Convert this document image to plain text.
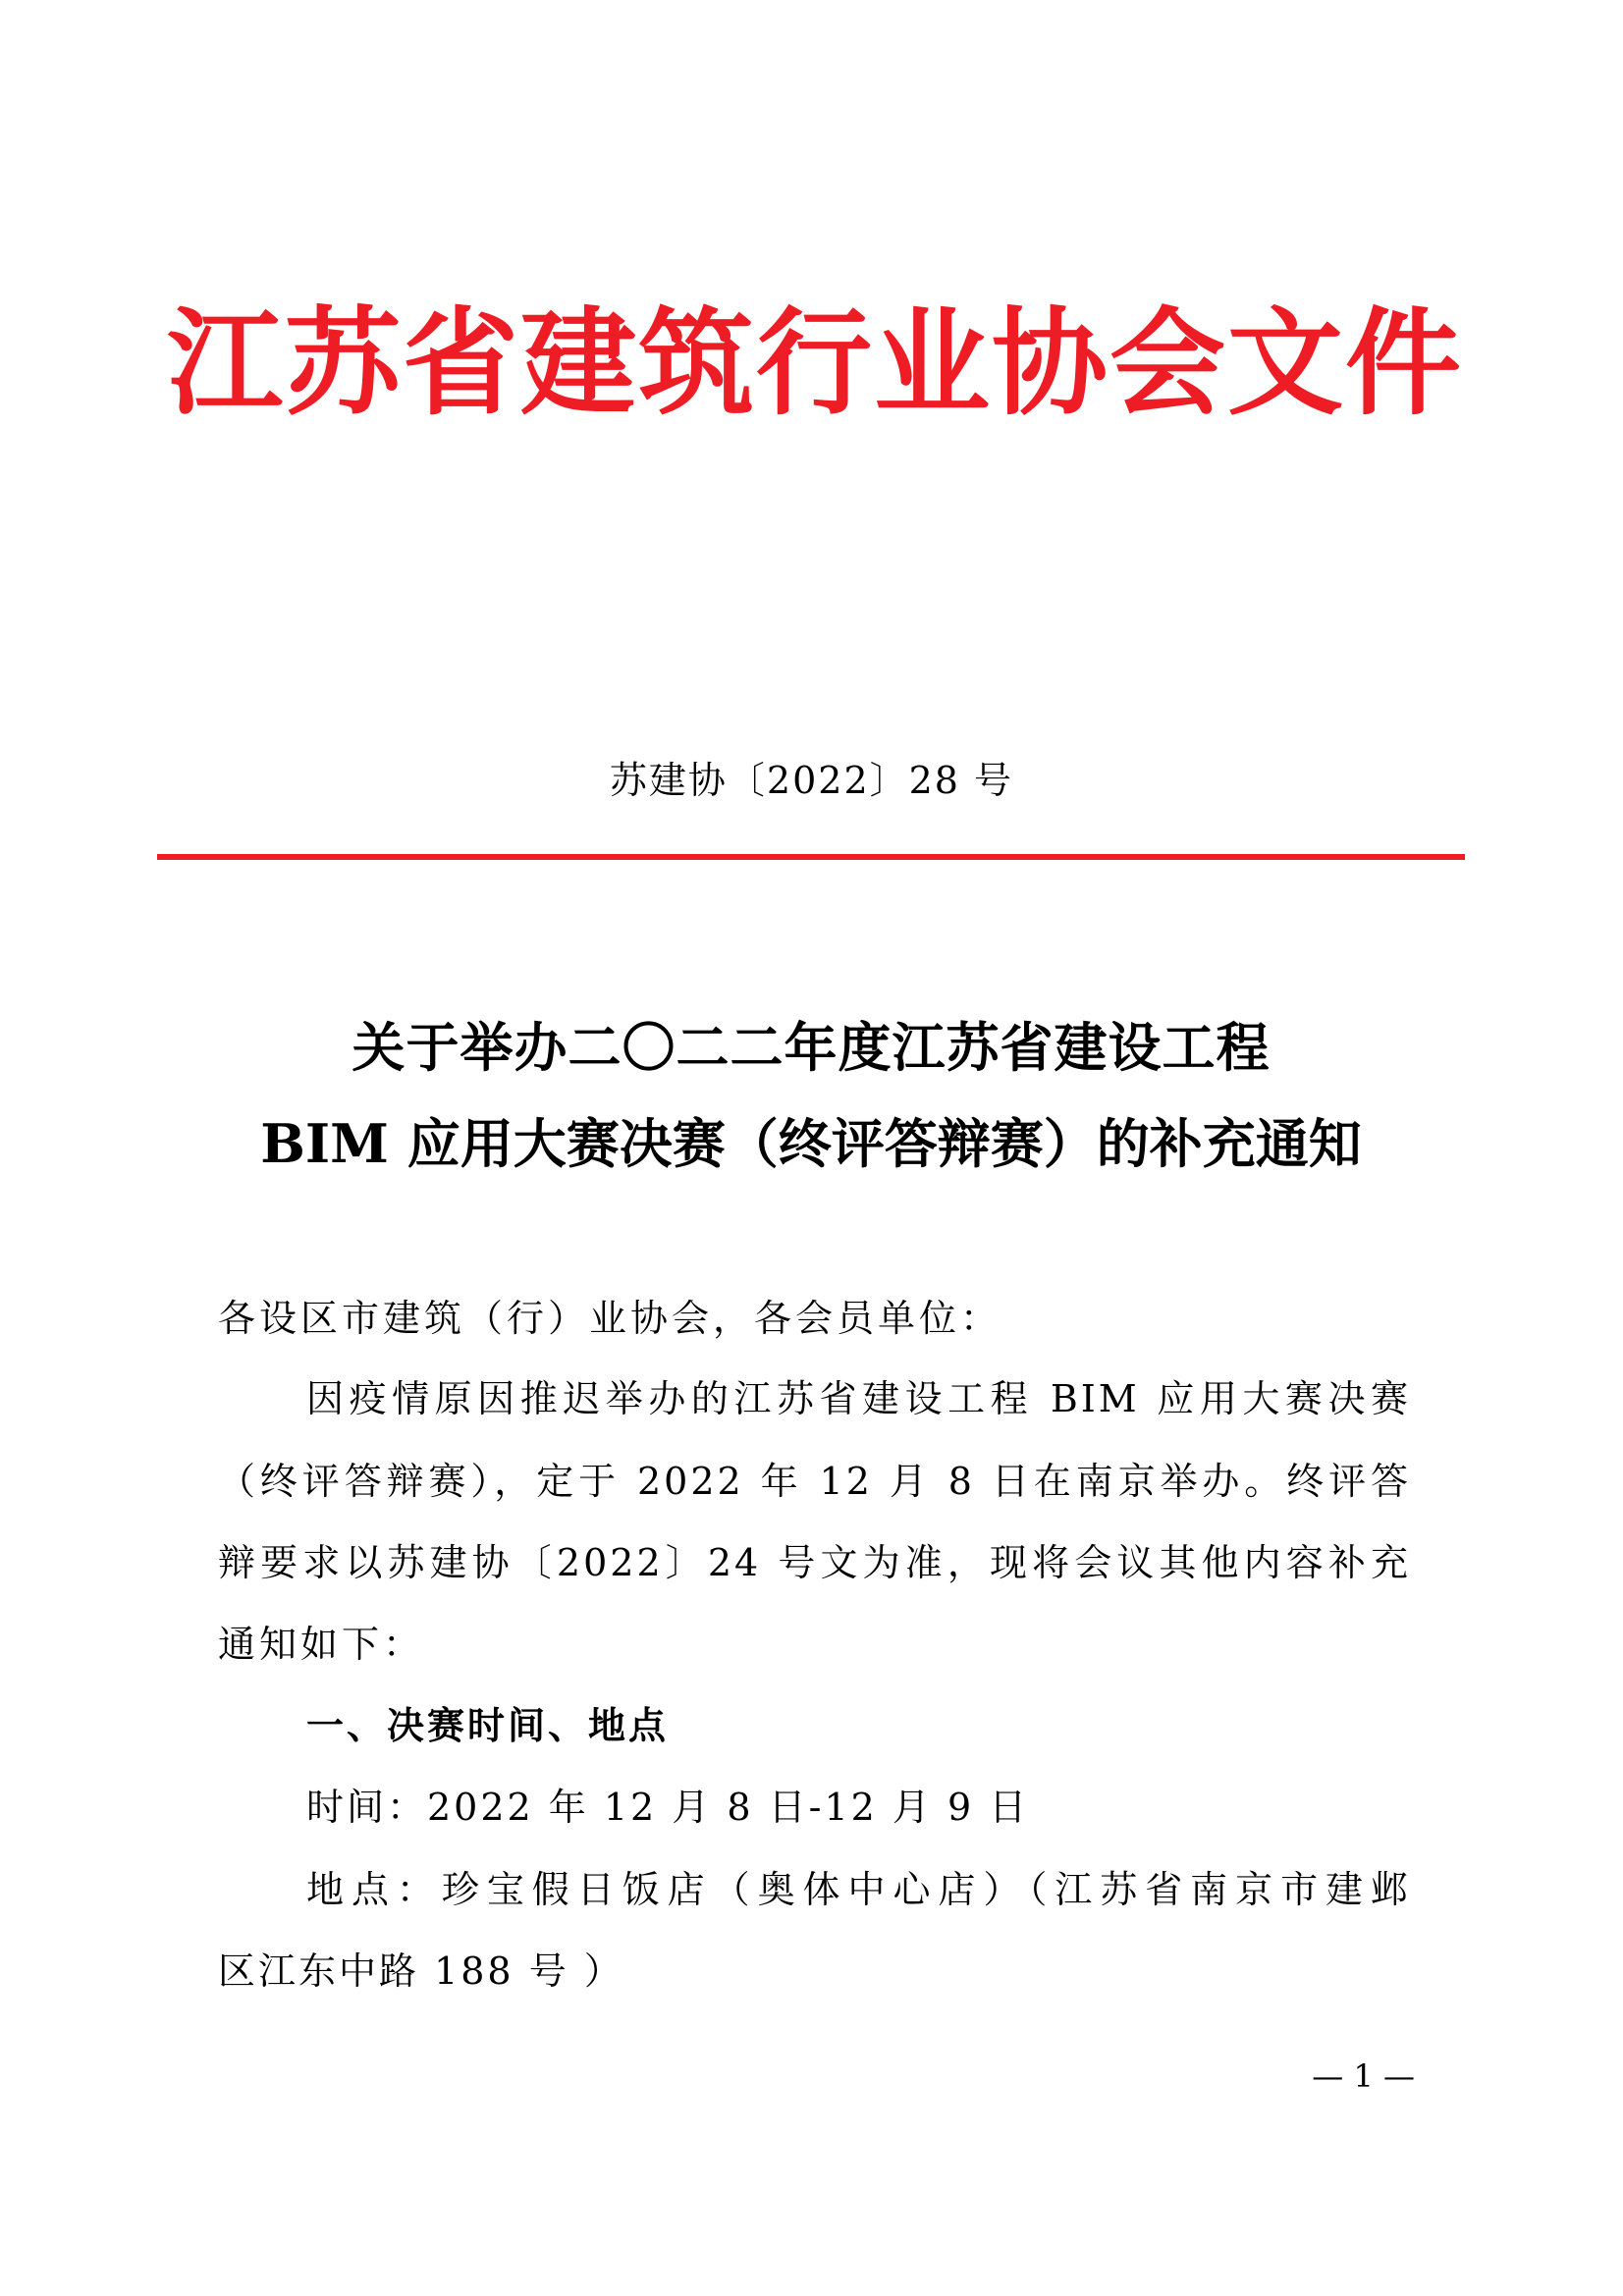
江苏省建筑行业协会文件
苏建协〔2022〕28 号
关于举办二〇二二年度江苏省建设工程
BIM 应用大赛决赛（终评答辩赛）的补充通知
各设区市建筑（行）业协会，各会员单位：
因疫情原因推迟举办的江苏省建设工程 BIM 应用大赛决赛
（终评答辩赛），定于 2022 年 12 月 8 日在南京举办。终评答
辩要求以苏建协〔2022〕24 号文为准，现将会议其他内容补充
通知如下：
一、决赛时间、地点
时间：2022 年 12 月 8 日-12 月 9 日
地点：珍宝假日饭店（奥体中心店）（江苏省南京市建邺
区江东中路 188 号 ）
— 1 —
